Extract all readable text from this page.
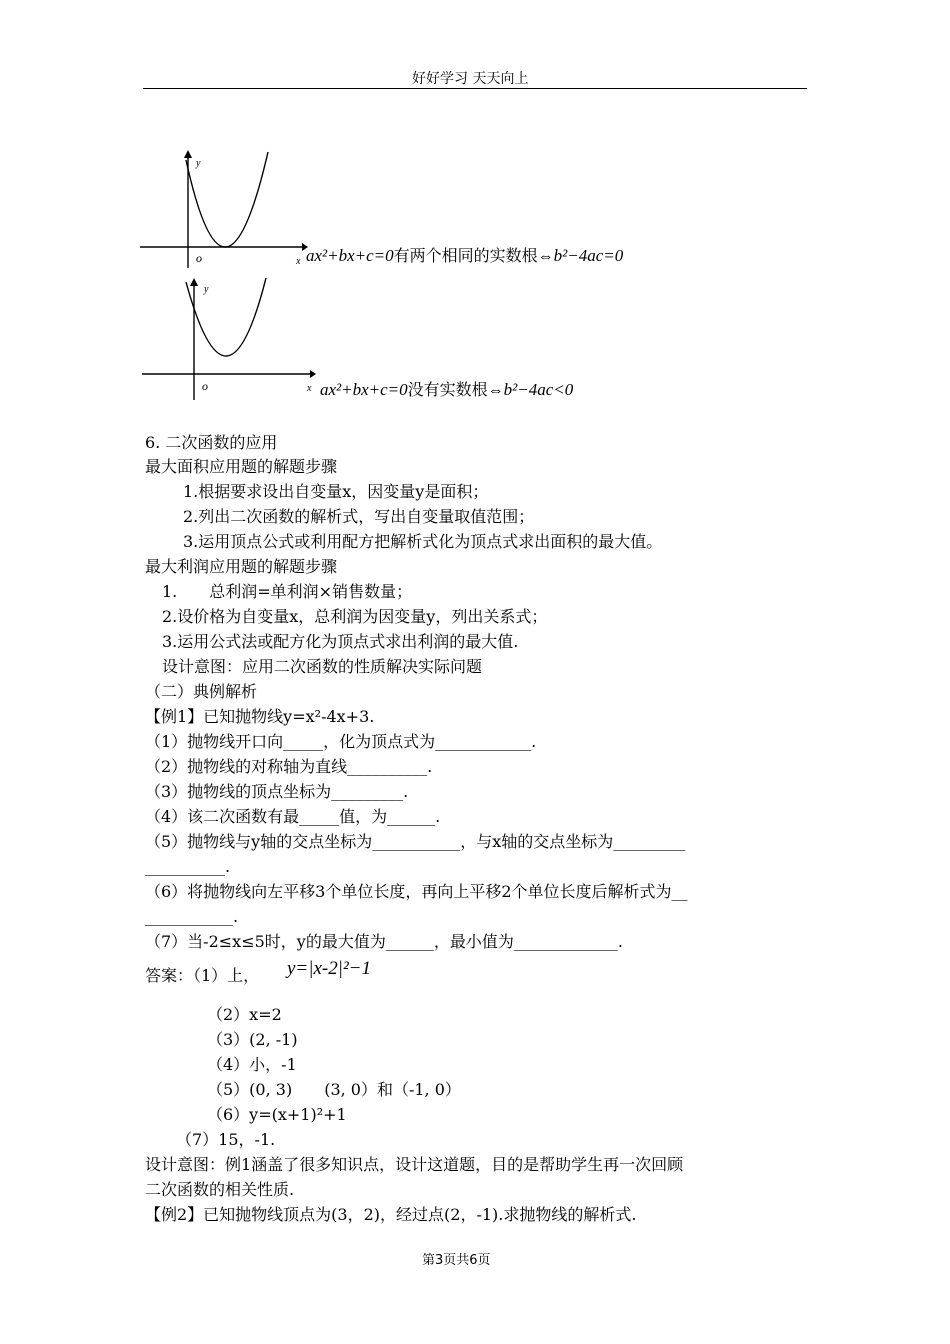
好好学习 天天向上
y
o	x ax²+bx+c=0有两个相同的实数根⇔b²−4ac=0
y
o	x ax²+bx+c=0没有实数根⇔b²−4ac<0
6. 二次函数的应用
最大面积应用题的解题步骤
1.根据要求设出自变量x，因变量y是面积；
2.列出二次函数的解析式，写出自变量取值范围；
3.运用顶点公式或利用配方把解析式化为顶点式求出面积的最大值。
最大利润应用题的解题步骤
1.　　总利润=单利润×销售数量；
2.设价格为自变量x，总利润为因变量y，列出关系式；
3.运用公式法或配方化为顶点式求出利润的最大值.
设计意图：应用二次函数的性质解决实际问题
（二）典例解析
【例1】已知抛物线y=x²-4x+3.
（1）抛物线开口向_____，化为顶点式为____________.
（2）抛物线的对称轴为直线__________.
（3）抛物线的顶点坐标为_________.
（4）该二次函数有最_____值，为______.
（5）抛物线与y轴的交点坐标为___________，与x轴的交点坐标为_________
__________.
（6）将抛物线向左平移3个单位长度，再向上平移2个单位长度后解析式为__
___________.
（7）当-2≤x≤5时，y的最大值为______，最小值为_____________.
答案：（1）上， y=|x-2|²−1
（2）x=2
（3）(2, -1)
（4）小，-1
（5）(0, 3)　　(3, 0）和（-1, 0）
（6）y=(x+1)²+1
（7）15，-1.
设计意图：例1涵盖了很多知识点，设计这道题，目的是帮助学生再一次回顾
二次函数的相关性质.
【例2】已知抛物线顶点为(3，2)，经过点(2，-1).求抛物线的解析式.
第3页共6页
